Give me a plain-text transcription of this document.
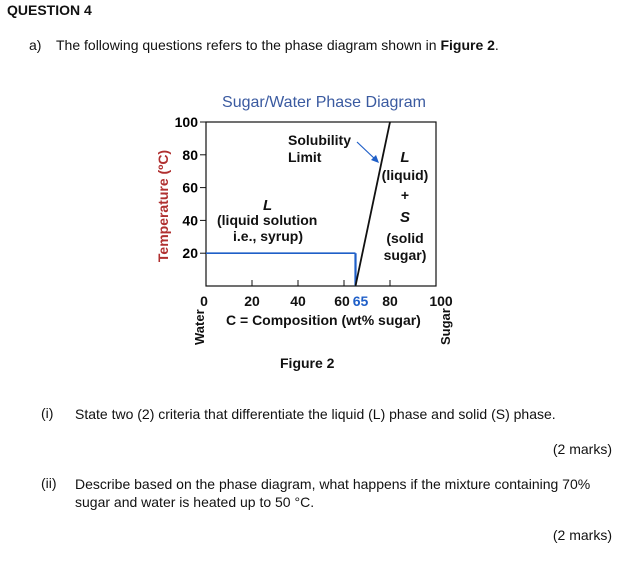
QUESTION 4
a) The following questions refers to the phase diagram shown in Figure 2.
Sugar/Water Phase Diagram
Temperature (ºC)
100
80
60
40
20
0	20 40 60 65 80 100
Solubility
Limit
L
(liquid solution
i.e., syrup)
L
(liquid)
+
S
(solid
sugar)
C = Composition (wt% sugar)
Water	Sugar
Figure 2
(i) State two (2) criteria that differentiate the liquid (L) phase and solid (S) phase.
(2 marks)
(ii) Describe based on the phase diagram, what happens if the mixture containing 70%
sugar and water is heated up to 50 °C.
(2 marks)
